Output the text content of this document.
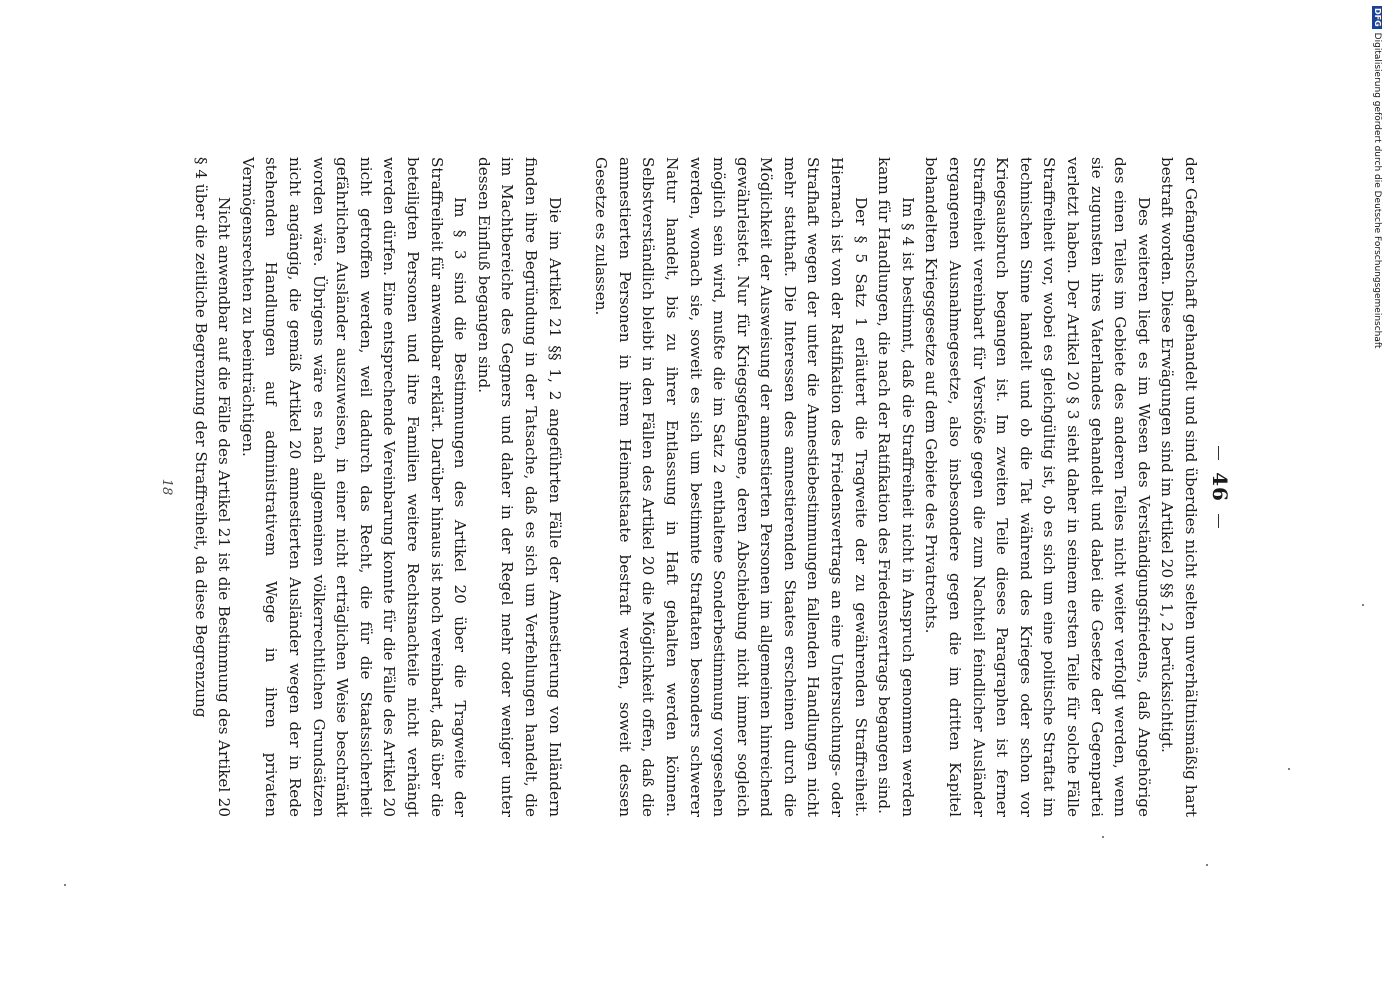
46

der Gefangenschaft gehandelt und sind überdies nicht selten unverhältnismäßig hart bestraft worden. Diese Erwägungen sind im Artikel 20 §§ 1, 2 berücksichtigt.

Des weiteren liegt es im Wesen des Verständigungsfriedens, daß Angehörige des einen Teiles im Gebiete des anderen Teiles nicht weiter verfolgt werden, wenn sie zugunsten ihres Vaterlandes gehandelt und dabei die Gesetze der Gegenpartei verletzt haben. Der Artikel 20 § 3 sieht daher in seinem ersten Teile für solche Fälle Straffreiheit vor, wobei es gleichgültig ist, ob es sich um eine politische Straftat im technischen Sinne handelt und ob die Tat während des Krieges oder schon vor Kriegsausbruch begangen ist. Im zweiten Teile dieses Paragraphen ist ferner Straffreiheit vereinbart für Verstöße gegen die zum Nachteil feindlicher Ausländer ergangenen Ausnahmegesetze, also insbesondere gegen die im dritten Kapitel behandelten Kriegsgesetze auf dem Gebiete des Privatrechts.

Im § 4 ist bestimmt, daß die Straffreiheit nicht in Anspruch genommen werden kann für Handlungen, die nach der Ratifikation des Friedensvertrags begangen sind.

Der § 5 Satz 1 erläutert die Tragweite der zu gewährenden Straffreiheit. Hiernach ist von der Ratifikation des Friedensvertrags an eine Untersuchungs- oder Strafhaft wegen der unter die Amnestiebestimmungen fallenden Handlungen nicht mehr statthaft. Die Interessen des amnestierenden Staates erscheinen durch die Möglichkeit der Ausweisung der amnestierten Personen im allgemeinen hinreichend gewährleistet. Nur für Kriegsgefangene, deren Abschiebung nicht immer sogleich möglich sein wird, mußte die im Satz 2 enthaltene Sonderbestimmung vorgesehen werden, wonach sie, soweit es sich um bestimmte Straftaten besonders schwerer Natur handelt, bis zu ihrer Entlassung in Haft gehalten werden können. Selbstverständlich bleibt in den Fällen des Artikel 20 die Möglichkeit offen, daß die amnestierten Personen in ihrem Heimatstaate bestraft werden, soweit dessen Gesetze es zulassen.

Die im Artikel 21 §§ 1, 2 angeführten Fälle der Amnestierung von Inländern finden ihre Begründung in der Tatsache, daß es sich um Verfehlungen handelt, die im Machtbereiche des Gegners und daher in der Regel mehr oder weniger unter dessen Einfluß begangen sind.

Im § 3 sind die Bestimmungen des Artikel 20 über die Tragweite der Straffreiheit für anwendbar erklärt. Darüber hinaus ist noch vereinbart, daß über die beteiligten Personen und ihre Familien weitere Rechtsnachteile nicht verhängt werden dürfen. Eine entsprechende Vereinbarung konnte für die Fälle des Artikel 20 nicht getroffen werden, weil dadurch das Recht, die für die Staatssicherheit gefährlichen Ausländer auszuweisen, in einer nicht erträglichen Weise beschränkt worden wäre. Übrigens wäre es nach allgemeinen völkerrechtlichen Grundsätzen nicht angängig, die gemäß Artikel 20 amnestierten Ausländer wegen der in Rede stehenden Handlungen auf administrativem Wege in ihren privaten Vermögensrechten zu beeinträchtigen.

Nicht anwendbar auf die Fälle des Artikel 21 ist die Bestimmung des Artikel 20 § 4 über die zeitliche Begrenzung der Straffreiheit, da diese Begrenzung

18
DFG
Digitalisierung gefördert durch die Deutsche Forschungsgemeinschaft
